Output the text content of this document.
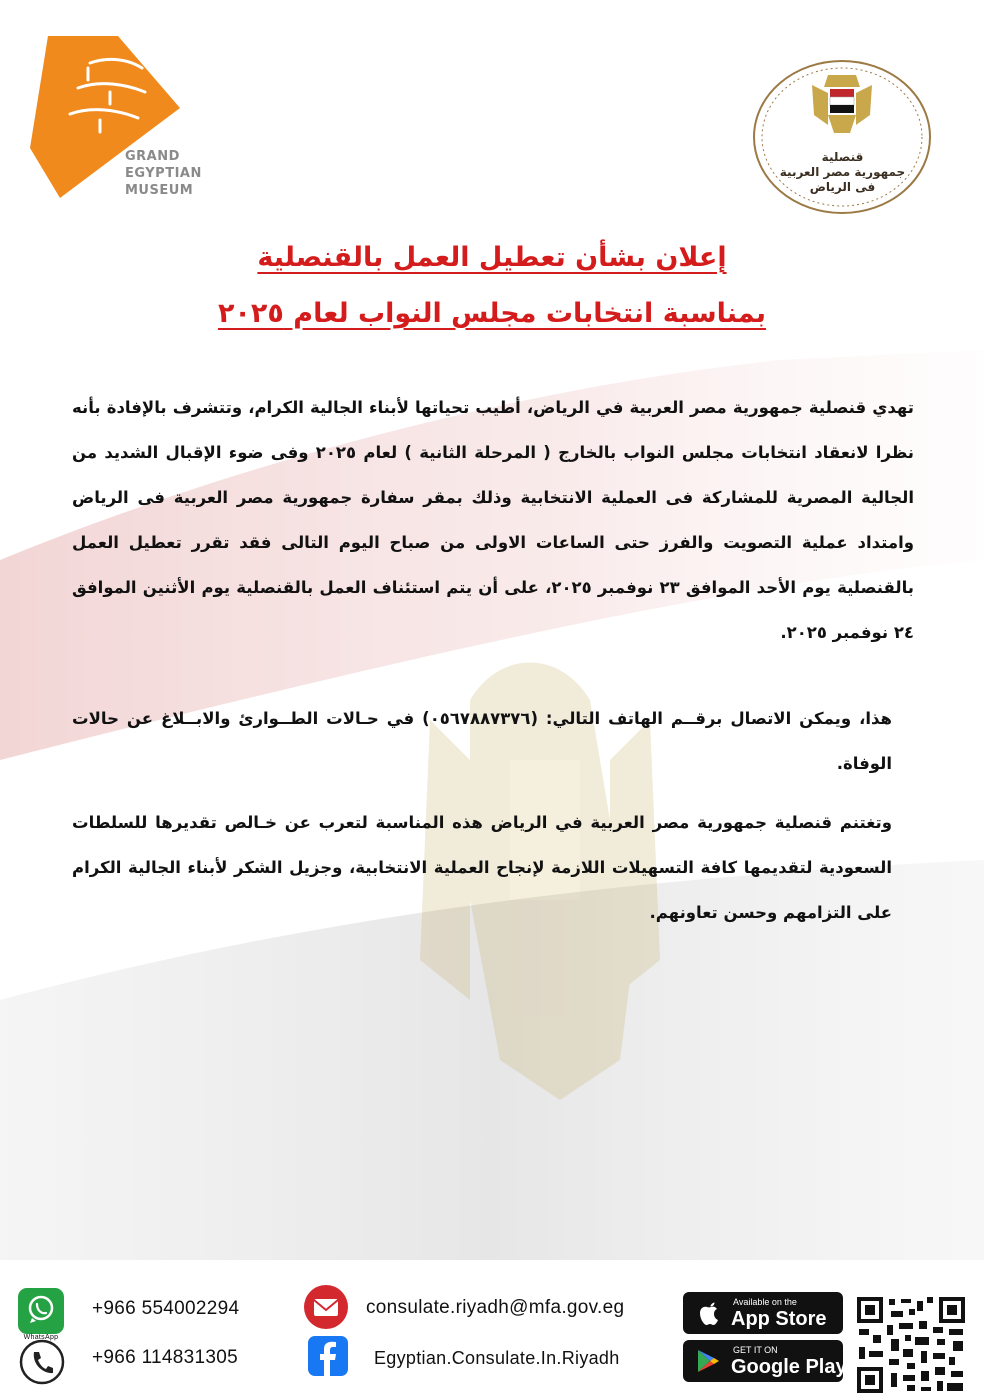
GRAND
EGYPTIAN
MUSEUM
قنصلية
جمهورية مصر العربية
فى الرياض
إعلان بشأن تعطيل العمل بالقنصلية
بمناسبة انتخابات مجلس النواب لعام ٢٠٢٥
تهدي قنصلية جمهورية مصر العربية في الرياض، أطيب تحياتها لأبناء الجالية الكرام، وتتشرف بالإفادة بأنه نظرا لانعقاد انتخابات مجلس النواب بالخارج ( المرحلة الثانية ) لعام ٢٠٢٥ وفى ضوء الإقبال الشديد من الجالية المصرية للمشاركة فى العملية الانتخابية وذلك بمقر سفارة جمهورية مصر العربية فى الرياض وامتداد عملية التصويت والفرز حتى الساعات الاولى من صباح اليوم التالى فقد تقرر تعطيل العمل بالقنصلية يوم الأحد الموافق ٢٣ نوفمبر ٢٠٢٥، على أن يتم استئناف العمل بالقنصلية يوم الأثنين الموافق ٢٤ نوفمبر ٢٠٢٥.
هذا، ويمكن الاتصال برقــم الهاتف التالي: (٠٥٦٧٨٨٧٣٧٦) في حـالات الطــوارئ والابــلاغ عن حالات الوفاة.
وتغتنم قنصلية جمهورية مصر العربية في الرياض هذه المناسبة لتعرب عن خـالص تقديرها للسلطات السعودية لتقديمها كافة التسهيلات اللازمة لإنجاح العملية الانتخابية، وجزيل الشكر لأبناء الجالية الكرام على التزامهم وحسن تعاونهم.
WhatsApp
+966 554002294
+966 114831305
consulate.riyadh@mfa.gov.eg
Egyptian.Consulate.In.Riyadh
Available on the
App Store
GET IT ON
Google Play
